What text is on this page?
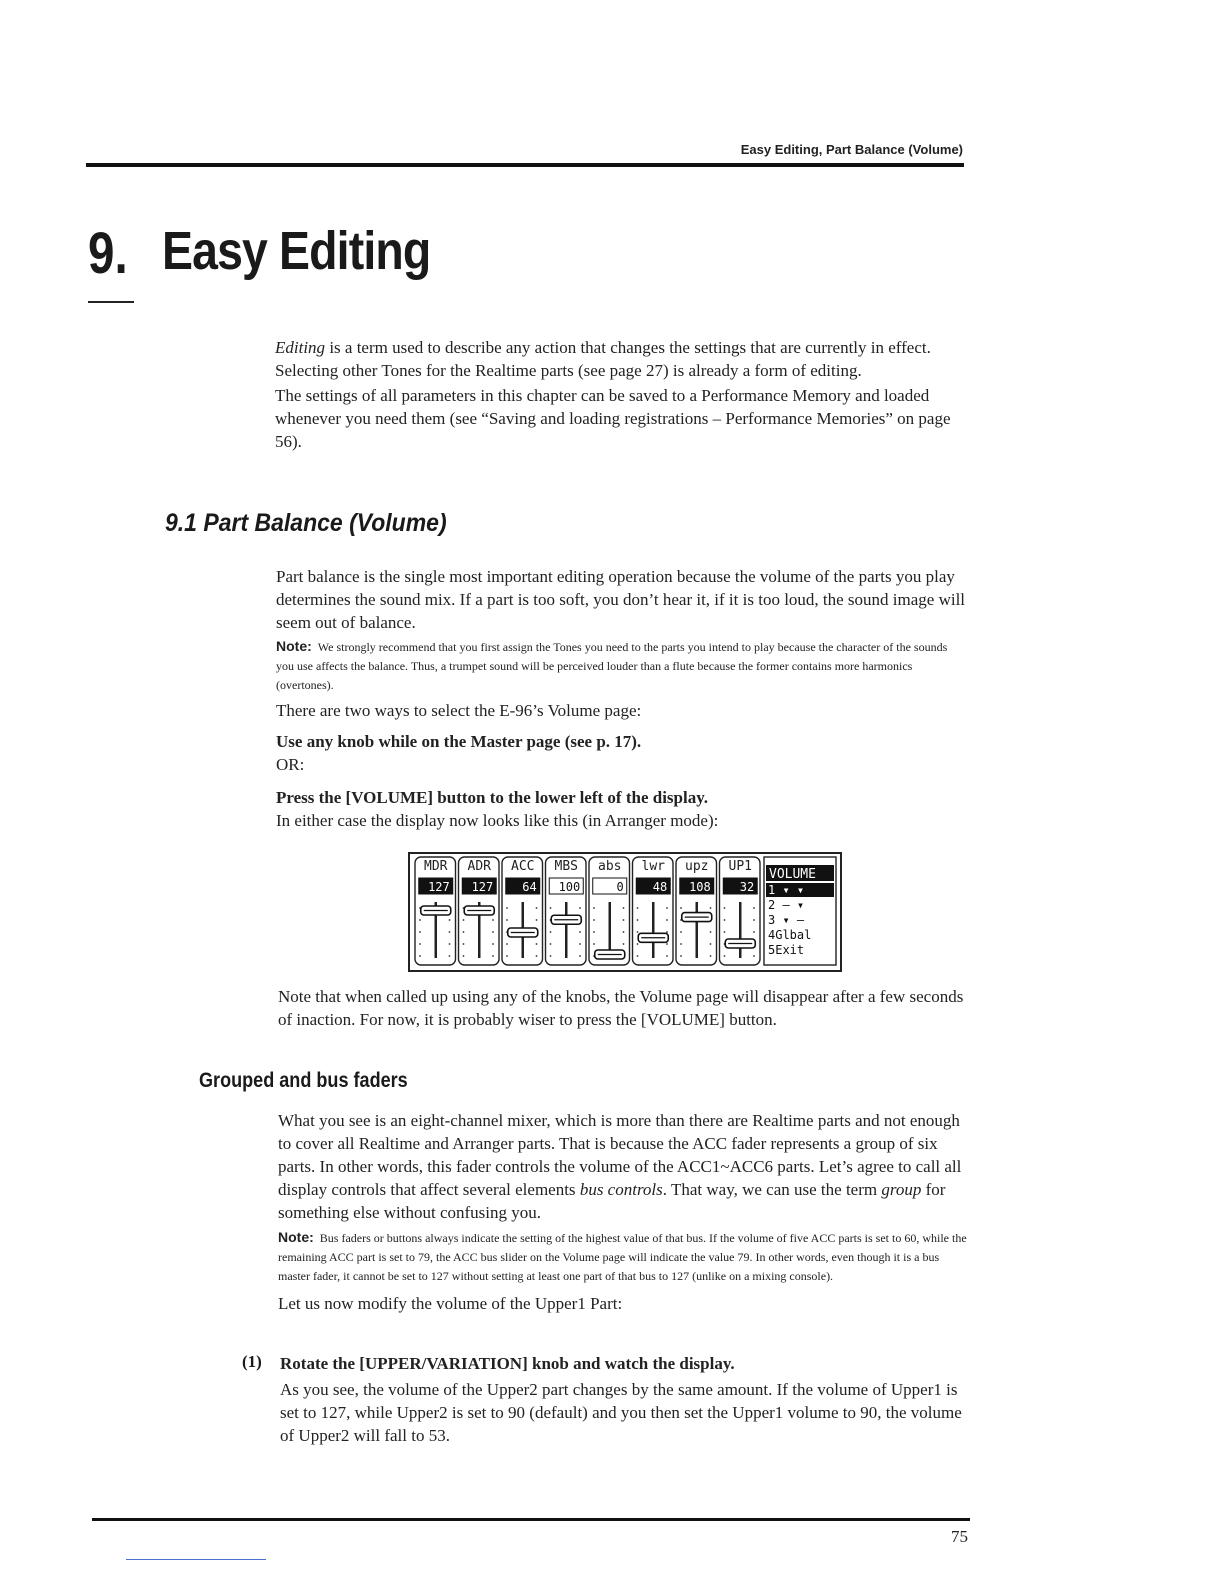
Easy Editing, Part Balance (Volume)
9. Easy Editing

Editing is a term used to describe any action that changes the settings that are currently in effect. Selecting other Tones for the Realtime parts (see page 27) is already a form of editing.

The settings of all parameters in this chapter can be saved to a Performance Memory and loaded whenever you need them (see “Saving and loading registrations – Performance Memories” on page 56).

9.1 Part Balance (Volume)

Part balance is the single most important editing operation because the volume of the parts you play determines the sound mix. If a part is too soft, you don’t hear it, if it is too loud, the sound image will seem out of balance.

Note: We strongly recommend that you first assign the Tones you need to the parts you intend to play because the character of the sounds you use affects the balance. Thus, a trumpet sound will be perceived louder than a flute because the former contains more harmonics (overtones).

There are two ways to select the E-96’s Volume page:

Use any knob while on the Master page (see p. 17).

OR:

Press the [VOLUME] button to the lower left of the display.

In either case the display now looks like this (in Arranger mode):

MDR
127
ADR
127
ACC
64
MBS
100
abs
0
lwr
48
upz
108
UP1
32
VOLUME
1 ▾ ▾
2 – ▾
3 ▾ –
4Glbal
5Exit
Note that when called up using any of the knobs, the Volume page will disappear after a few seconds of inaction. For now, it is probably wiser to press the [VOLUME] button.
Grouped and bus faders

What you see is an eight-channel mixer, which is more than there are Realtime parts and not enough to cover all Realtime and Arranger parts. That is because the ACC fader represents a group of six parts. In other words, this fader controls the volume of the ACC1~ACC6 parts. Let’s agree to call all display controls that affect several elements bus controls. That way, we can use the term group for something else without confusing you.

Note: Bus faders or buttons always indicate the setting of the highest value of that bus. If the volume of five ACC parts is set to 60, while the remaining ACC part is set to 79, the ACC bus slider on the Volume page will indicate the value 79. In other words, even though it is a bus master fader, it cannot be set to 127 without setting at least one part of that bus to 127 (unlike on a mixing console).

Let us now modify the volume of the Upper1 Part:

(1) Rotate the [UPPER/VARIATION] knob and watch the display.

As you see, the volume of the Upper2 part changes by the same amount. If the volume of Upper1 is set to 127, while Upper2 is set to 90 (default) and you then set the Upper1 volume to 90, the volume of Upper2 will fall to 53.

75
